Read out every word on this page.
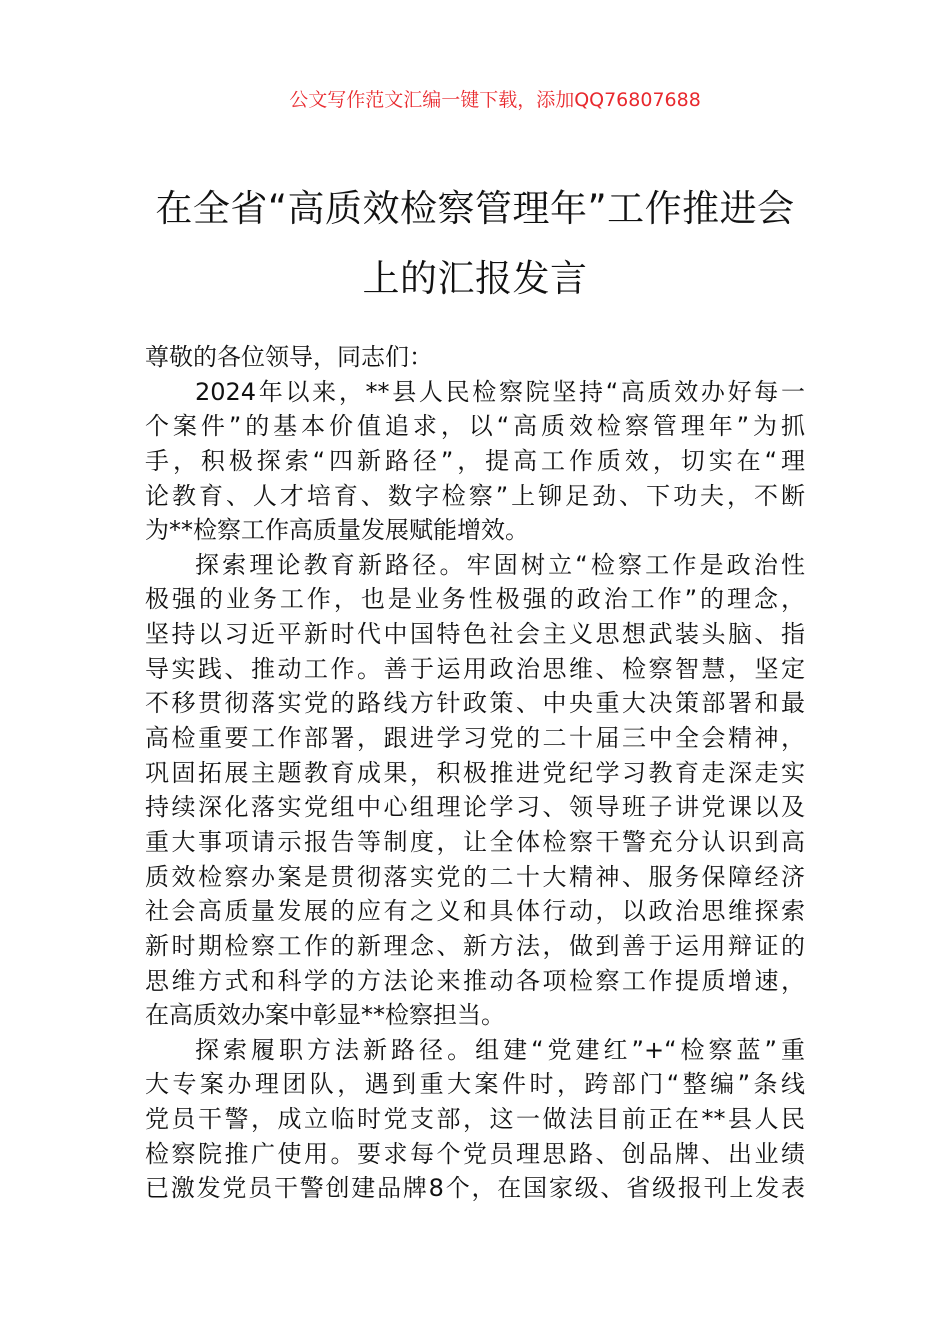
公文写作范文汇编一键下载，添加QQ76807688
在全省“高质效检察管理年”工作推进会
上的汇报发言
尊敬的各位领导，同志们：
2024年以来，**县人民检察院坚持“高质效办好每一
个案件”的基本价值追求，以“高质效检察管理年”为抓
手，积极探索“四新路径”，提高工作质效，切实在“理
论教育、人才培育、数字检察”上铆足劲、下功夫，不断
为**检察工作高质量发展赋能增效。
探索理论教育新路径。牢固树立“检察工作是政治性
极强的业务工作，也是业务性极强的政治工作”的理念，
坚持以习近平新时代中国特色社会主义思想武装头脑、指
导实践、推动工作。善于运用政治思维、检察智慧，坚定
不移贯彻落实党的路线方针政策、中央重大决策部署和最
高检重要工作部署，跟进学习党的二十届三中全会精神，
巩固拓展主题教育成果，积极推进党纪学习教育走深走实
持续深化落实党组中心组理论学习、领导班子讲党课以及
重大事项请示报告等制度，让全体检察干警充分认识到高
质效检察办案是贯彻落实党的二十大精神、服务保障经济
社会高质量发展的应有之义和具体行动，以政治思维探索
新时期检察工作的新理念、新方法，做到善于运用辩证的
思维方式和科学的方法论来推动各项检察工作提质增速，
在高质效办案中彰显**检察担当。
探索履职方法新路径。组建“党建红”+“检察蓝”重
大专案办理团队，遇到重大案件时，跨部门“整编”条线
党员干警，成立临时党支部，这一做法目前正在**县人民
检察院推广使用。要求每个党员理思路、创品牌、出业绩
已激发党员干警创建品牌8个，在国家级、省级报刊上发表
